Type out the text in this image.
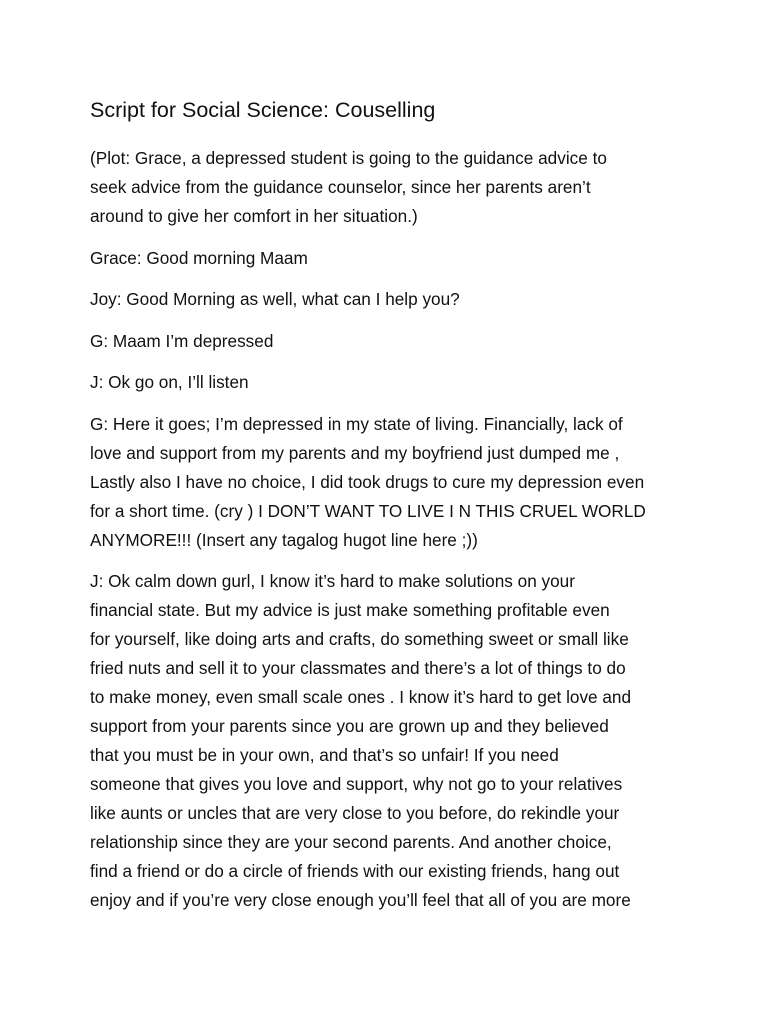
Script for Social Science: Couselling

(Plot: Grace, a depressed student is going to the guidance advice to
seek advice from the guidance counselor, since her parents aren’t
around to give her comfort in her situation.)

Grace: Good morning Maam

Joy: Good Morning as well, what can I help you?

G: Maam I’m depressed

J: Ok go on, I’ll listen

G: Here it goes; I’m depressed in my state of living. Financially, lack of
love and support from my parents and my boyfriend just dumped me ,
Lastly also I have no choice, I did took drugs to cure my depression even
for a short time. (cry ) I DON’T WANT TO LIVE I N THIS CRUEL WORLD
ANYMORE!!! (Insert any tagalog hugot line here ;))

J: Ok calm down gurl, I know it’s hard to make solutions on your
financial state. But my advice is just make something profitable even
for yourself, like doing arts and crafts, do something sweet or small like
fried nuts and sell it to your classmates and there’s a lot of things to do
to make money, even small scale ones . I know it’s hard to get love and
support from your parents since you are grown up and they believed
that you must be in your own, and that’s so unfair! If you need
someone that gives you love and support, why not go to your relatives
like aunts or uncles that are very close to you before, do rekindle your
relationship since they are your second parents. And another choice,
find a friend or do a circle of friends with our existing friends, hang out
enjoy and if you’re very close enough you’ll feel that all of you are more
